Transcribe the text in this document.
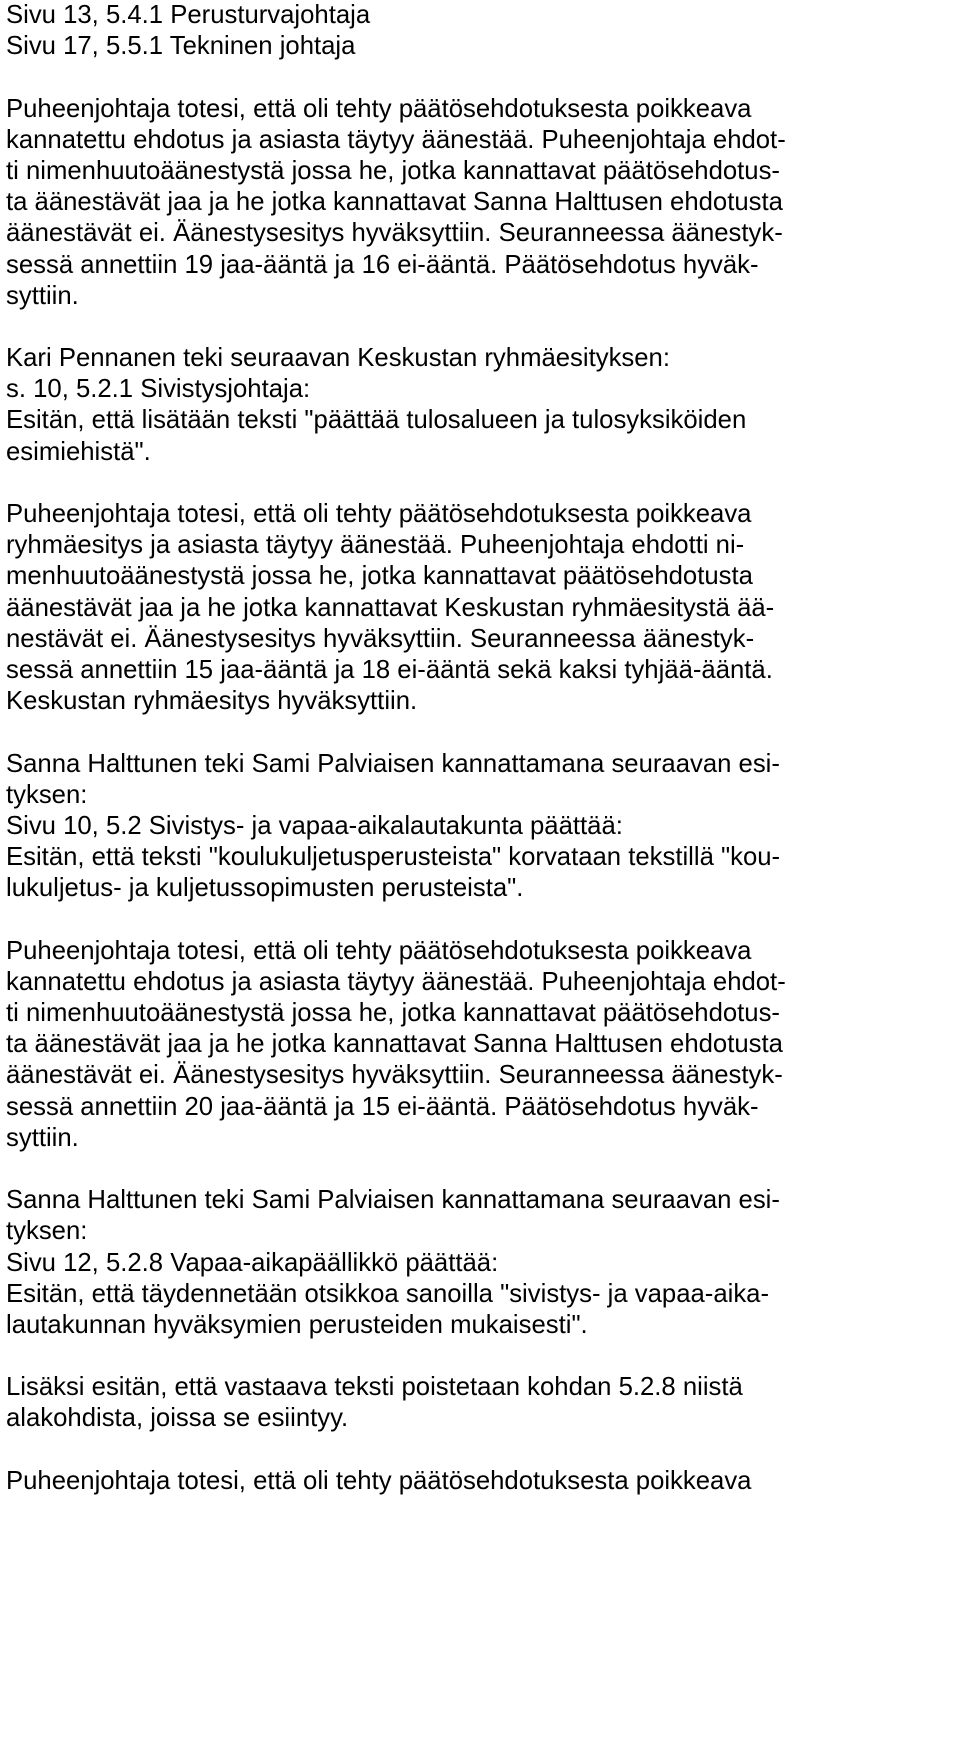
Sivu 13, 5.4.1 Perusturvajohtaja
Sivu 17, 5.5.1 Tekninen johtaja
Puheenjohtaja totesi, että oli tehty päätösehdotuksesta poikkeava
kannatettu ehdotus ja asiasta täytyy äänestää. Puheenjohtaja ehdot-
ti nimenhuutoäänestystä jossa he, jotka kannattavat päätösehdotus-
ta äänestävät jaa ja he jotka kannattavat Sanna Halttusen ehdotusta
äänestävät ei. Äänestysesitys hyväksyttiin. Seuranneessa äänestyk-
sessä annettiin 19 jaa-ääntä ja 16 ei-ääntä. Päätösehdotus hyväk-
syttiin.
Kari Pennanen teki seuraavan Keskustan ryhmäesityksen:
s. 10, 5.2.1 Sivistysjohtaja:
Esitän, että lisätään teksti "päättää tulosalueen ja tulosyksiköiden
esimiehistä".
Puheenjohtaja totesi, että oli tehty päätösehdotuksesta poikkeava
ryhmäesitys ja asiasta täytyy äänestää. Puheenjohtaja ehdotti ni-
menhuutoäänestystä jossa he, jotka kannattavat päätösehdotusta
äänestävät jaa ja he jotka kannattavat Keskustan ryhmäesitystä ää-
nestävät ei. Äänestysesitys hyväksyttiin. Seuranneessa äänestyk-
sessä annettiin 15 jaa-ääntä ja 18 ei-ääntä sekä kaksi tyhjää-ääntä.
Keskustan ryhmäesitys hyväksyttiin.
Sanna Halttunen teki Sami Palviaisen kannattamana seuraavan esi-
tyksen:
Sivu 10, 5.2 Sivistys- ja vapaa-aikalautakunta päättää:
Esitän, että teksti "koulukuljetusperusteista" korvataan tekstillä "kou-
lukuljetus- ja kuljetussopimusten perusteista".
Puheenjohtaja totesi, että oli tehty päätösehdotuksesta poikkeava
kannatettu ehdotus ja asiasta täytyy äänestää. Puheenjohtaja ehdot-
ti nimenhuutoäänestystä jossa he, jotka kannattavat päätösehdotus-
ta äänestävät jaa ja he jotka kannattavat Sanna Halttusen ehdotusta
äänestävät ei. Äänestysesitys hyväksyttiin. Seuranneessa äänestyk-
sessä annettiin 20 jaa-ääntä ja 15 ei-ääntä. Päätösehdotus hyväk-
syttiin.
Sanna Halttunen teki Sami Palviaisen kannattamana seuraavan esi-
tyksen:
Sivu 12, 5.2.8 Vapaa-aikapäällikkö päättää:
Esitän, että täydennetään otsikkoa sanoilla "sivistys- ja vapaa-aika-
lautakunnan hyväksymien perusteiden mukaisesti".
Lisäksi esitän, että vastaava teksti poistetaan kohdan 5.2.8 niistä
alakohdista, joissa se esiintyy.
Puheenjohtaja totesi, että oli tehty päätösehdotuksesta poikkeava
